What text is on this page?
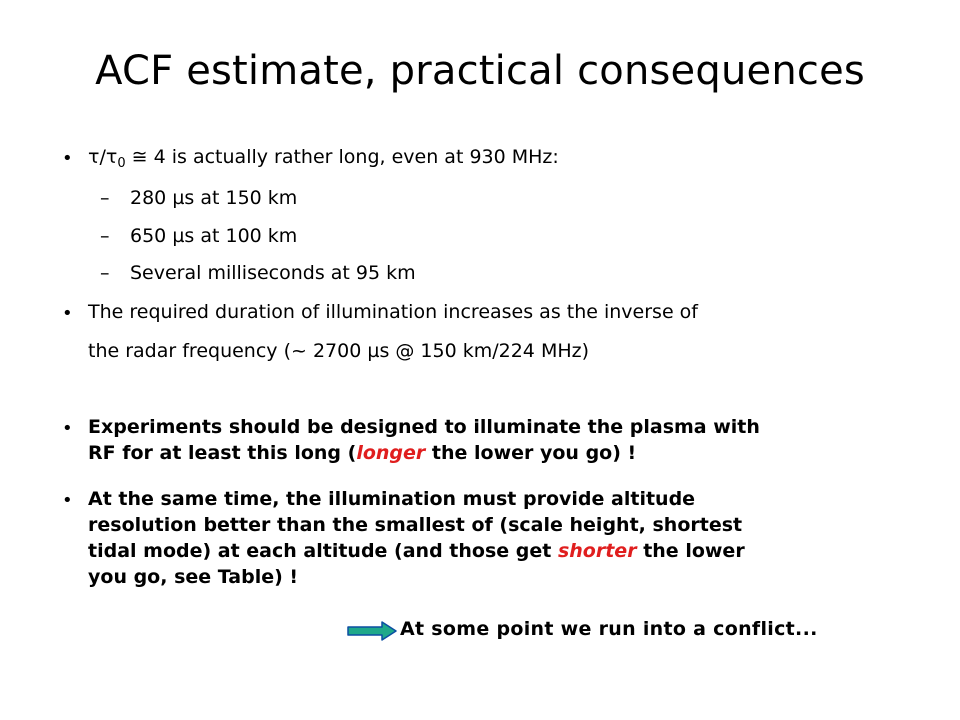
ACF estimate, practical consequences
• $\tau/\tau_0$ ≅ 4 is actually rather long, even at 930 MHz:
– 280 µs at 150 km
– 650 µs at 100 km
– Several milliseconds at 95 km
• The required duration of illumination increases as the inverse of
the radar frequency (~ 2700 µs @ 150 km/224 MHz)
• Experiments should be designed to illuminate the plasma with
RF for at least this long (longer the lower you go) !
• At the same time, the illumination must provide altitude
resolution better than the smallest of (scale height, shortest
tidal mode) at each altitude (and those get shorter the lower
you go, see Table) !
At some point we run into a conflict...
